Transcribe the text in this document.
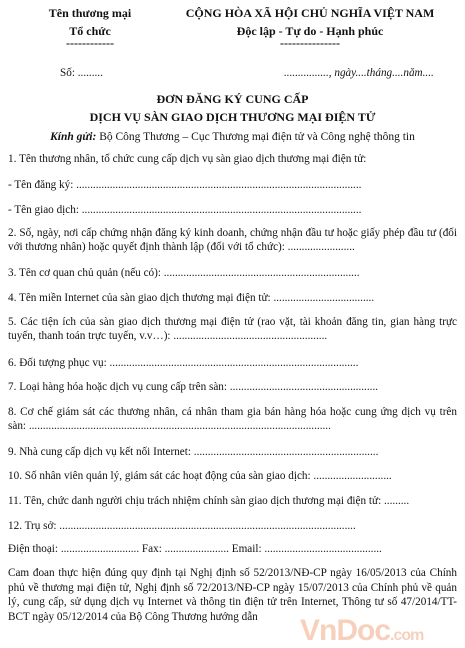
Tên thương mại
Tổ chức
------------
CỘNG HÒA XÃ HỘI CHỦ NGHĨA VIỆT NAM
Độc lập - Tự do - Hạnh phúc
---------------
Số: .........	................, ngày....tháng....năm....
ĐƠN ĐĂNG KÝ CUNG CẤP
DỊCH VỤ SÀN GIAO DỊCH THƯƠNG MẠI ĐIỆN TỬ
Kính gửi: Bộ Công Thương – Cục Thương mại điện tử và Công nghệ thông tin
1. Tên thương nhân, tổ chức cung cấp dịch vụ sàn giao dịch thương mại điện tử:
- Tên đăng ký: ......................................................................................................
- Tên giao dịch: ....................................................................................................
2. Số, ngày, nơi cấp chứng nhận đăng ký kinh doanh, chứng nhận đầu tư hoặc giấy phép đầu tư (đối với thương nhân) hoặc quyết định thành lập (đối với tổ chức): ........................
3. Tên cơ quan chủ quản (nếu có): ......................................................................
4. Tên miền Internet của sàn giao dịch thương mại điện tử: ....................................
5. Các tiện ích của sàn giao dịch thương mại điện tử (rao vặt, tài khoản đăng tin, gian hàng trực tuyến, thanh toán trực tuyến, v.v…): .......................................................
6. Đối tượng phục vụ: .........................................................................................
7. Loại hàng hóa hoặc dịch vụ cung cấp trên sàn: .....................................................
8. Cơ chế giám sát các thương nhân, cá nhân tham gia bán hàng hóa hoặc cung ứng dịch vụ trên sàn: ............................................................................................................
9. Nhà cung cấp dịch vụ kết nối Internet: ..................................................................
10. Số nhân viên quản lý, giám sát các hoạt động của sàn giao dịch: ............................
11. Tên, chức danh người chịu trách nhiệm chính sàn giao dịch thương mại điện tử: .........
12. Trụ sở: ..........................................................................................................
Điện thoại: ............................ Fax: ....................... Email: ..........................................
Cam đoan thực hiện đúng quy định tại Nghị định số 52/2013/NĐ-CP ngày 16/05/2013 của Chính phủ về thương mại điện tử, Nghị định số 72/2013/NĐ-CP ngày 15/07/2013 của Chính phủ về quản lý, cung cấp, sử dụng dịch vụ Internet và thông tin điện tử trên Internet, Thông tư số 47/2014/TT-BCT ngày 05/12/2014 của Bộ Công Thương hướng dẫn	VnDoc.com
